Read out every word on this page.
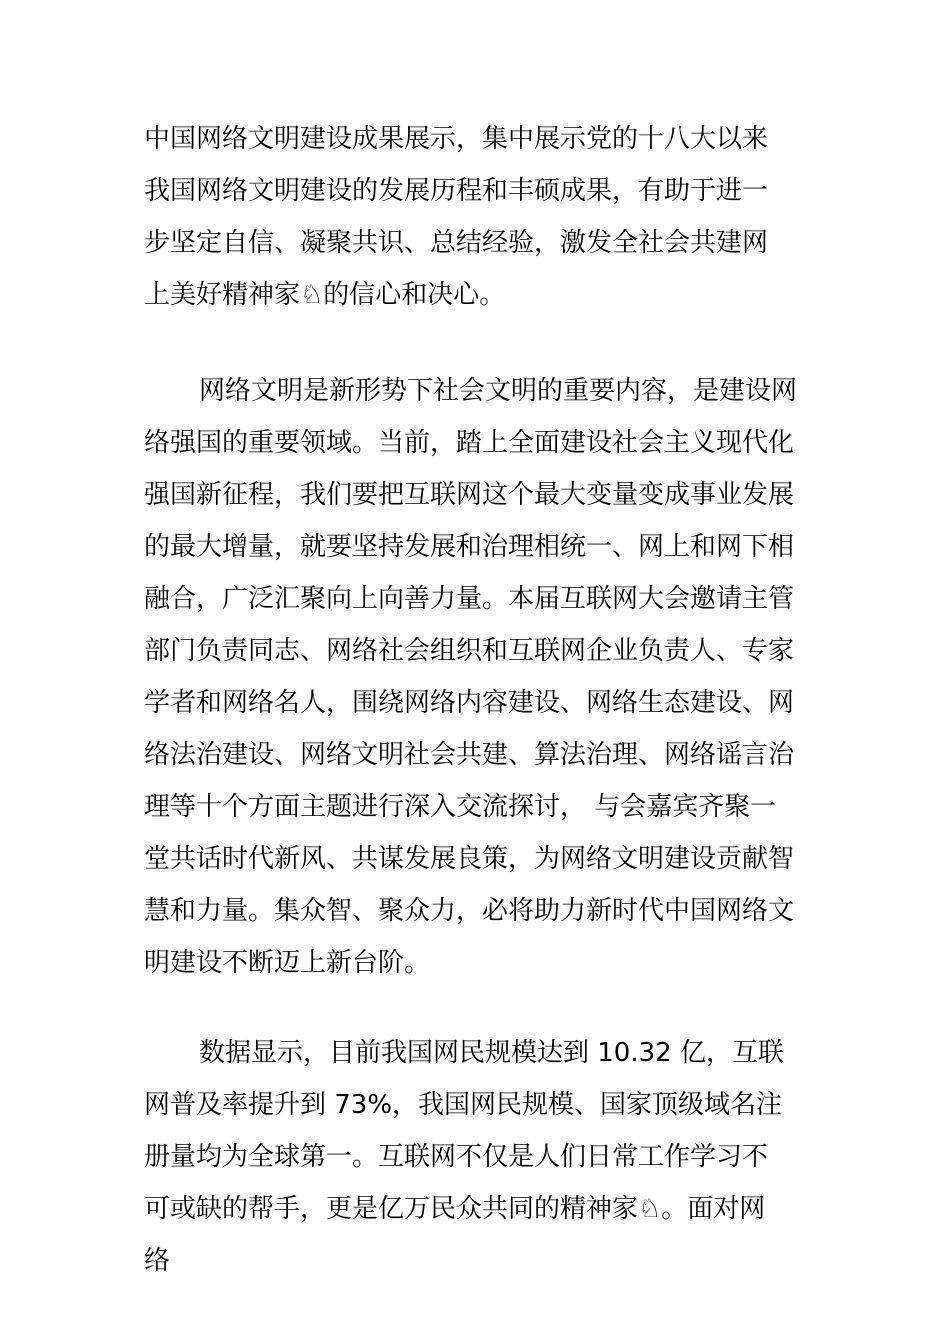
中国网络文明建设成果展示，集中展示党的十八大以来
我国网络文明建设的发展历程和丰硕成果，有助于进一
步坚定自信、凝聚共识、总结经验，激发全社会共建网
上美好精神家♘的信心和决心。
网络文明是新形势下社会文明的重要内容，是建设网
络强国的重要领域。当前，踏上全面建设社会主义现代化
强国新征程，我们要把互联网这个最大变量变成事业发展
的最大增量，就要坚持发展和治理相统一、网上和网下相
融合，广泛汇聚向上向善力量。本届互联网大会邀请主管
部门负责同志、网络社会组织和互联网企业负责人、专家
学者和网络名人，围绕网络内容建设、网络生态建设、网
络法治建设、网络文明社会共建、算法治理、网络谣言治
理等十个方面主题进行深入交流探讨， 与会嘉宾齐聚一
堂共话时代新风、共谋发展良策，为网络文明建设贡献智
慧和力量。集众智、聚众力，必将助力新时代中国网络文
明建设不断迈上新台阶。
数据显示，目前我国网民规模达到 10.32 亿，互联
网普及率提升到 73%，我国网民规模、国家顶级域名注
册量均为全球第一。互联网不仅是人们日常工作学习不
可或缺的帮手，更是亿万民众共同的精神家♘。面对网
络
